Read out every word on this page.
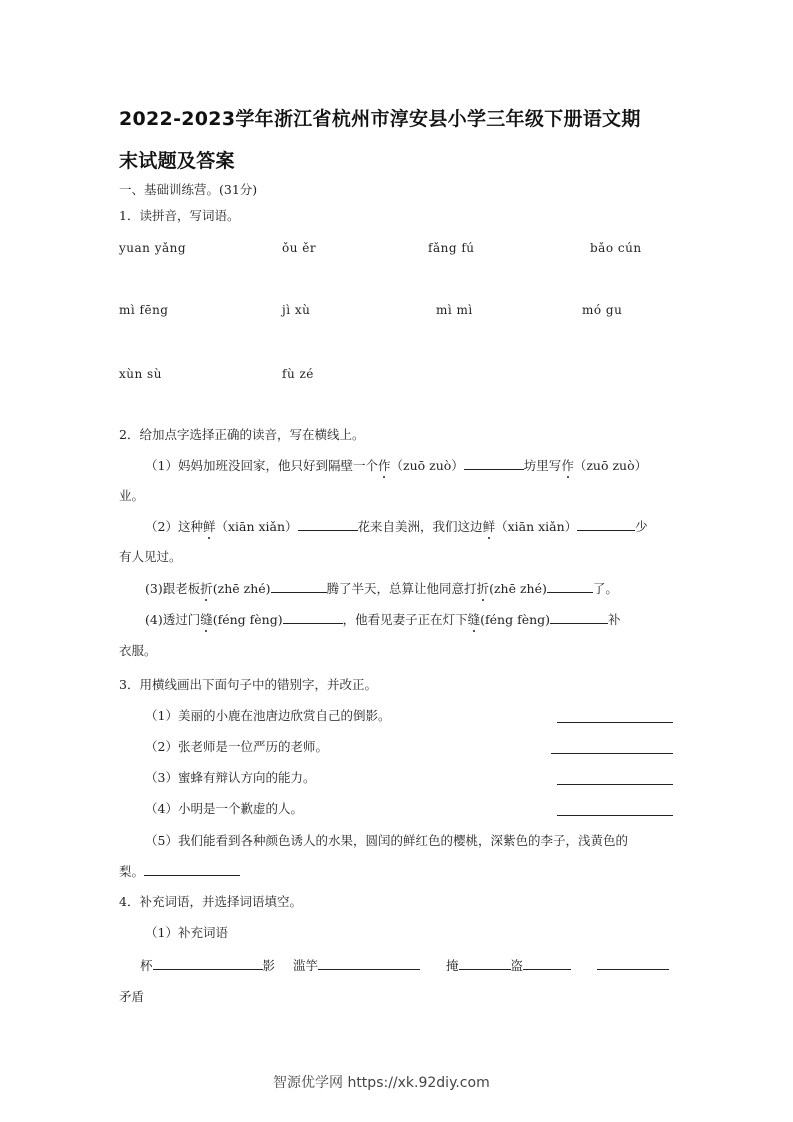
2022-2023学年浙江省杭州市淳安县小学三年级下册语文期
末试题及答案
一、基础训练营。(31分)
1．读拼音，写词语。
yuan yǎng	ǒu ěr	fǎng fú	bǎo cún
mì fēng	jì xù	mì mì	mó gu
xùn sù	fù zé
2．给加点字选择正确的读音，写在横线上。
（1）妈妈加班没回家，他只好到隔壁一个作（zuō zuò）	坊里写作（zuō zuò）
业。
（2）这种鲜（xiān xiǎn）	花来自美洲，我们这边鲜（xiān xiǎn）	少
有人见过。
(3)跟老板折(zhē zhé)	腾了半天，总算让他同意打折(zhē zhé)	了。
(4)透过门缝(féng fèng)	，他看见妻子正在灯下缝(féng fèng)	补
衣服。
3．用横线画出下面句子中的错别字，并改正。
（1）美丽的小鹿在池唐边欣赏自己的倒影。
（2）张老师是一位严历的老师。
（3）蜜蜂有辩认方向的能力。
（4）小明是一个歉虚的人。
（5）我们能看到各种颜色诱人的水果，圆闰的鲜红色的樱桃，深紫色的李子，浅黄色的
梨。
4．补充词语，并选择词语填空。
（1）补充词语
杯	影 滥竽	掩	盗
矛盾
智源优学网 https://xk.92diy.com
